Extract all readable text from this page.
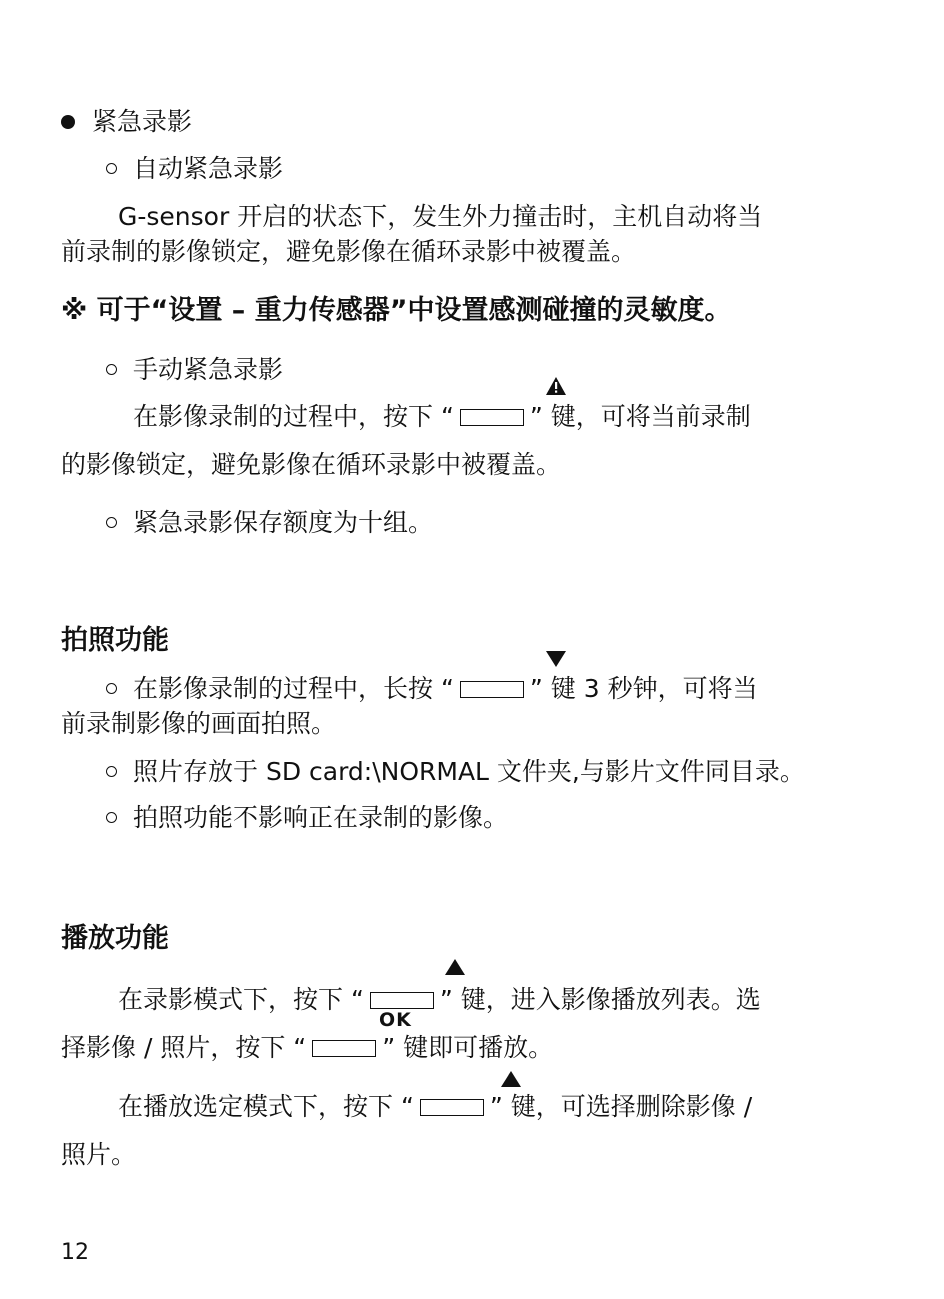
紧急录影
自动紧急录影
G-sensor 开启的状态下，发生外力撞击时，主机自动将当
前录制的影像锁定，避免影像在循环录影中被覆盖。
※ 可于“设置 – 重力传感器”中设置感测碰撞的灵敏度。
手动紧急录影
在影像录制的过程中，按下 “	” 键，可将当前录制
的影像锁定，避免影像在循环录影中被覆盖。
紧急录影保存额度为十组。
拍照功能
在影像录制的过程中，长按 “	” 键 3 秒钟，可将当
前录制影像的画面拍照。
照片存放于 SD card:\NORMAL 文件夹,与影片文件同目录。
拍照功能不影响正在录制的影像。
播放功能
在录影模式下，按下 “	” 键，进入影像播放列表。选
OK
择影像 / 照片，按下 “	” 键即可播放。
在播放选定模式下，按下 “	” 键，可选择删除影像 /
照片。
12
